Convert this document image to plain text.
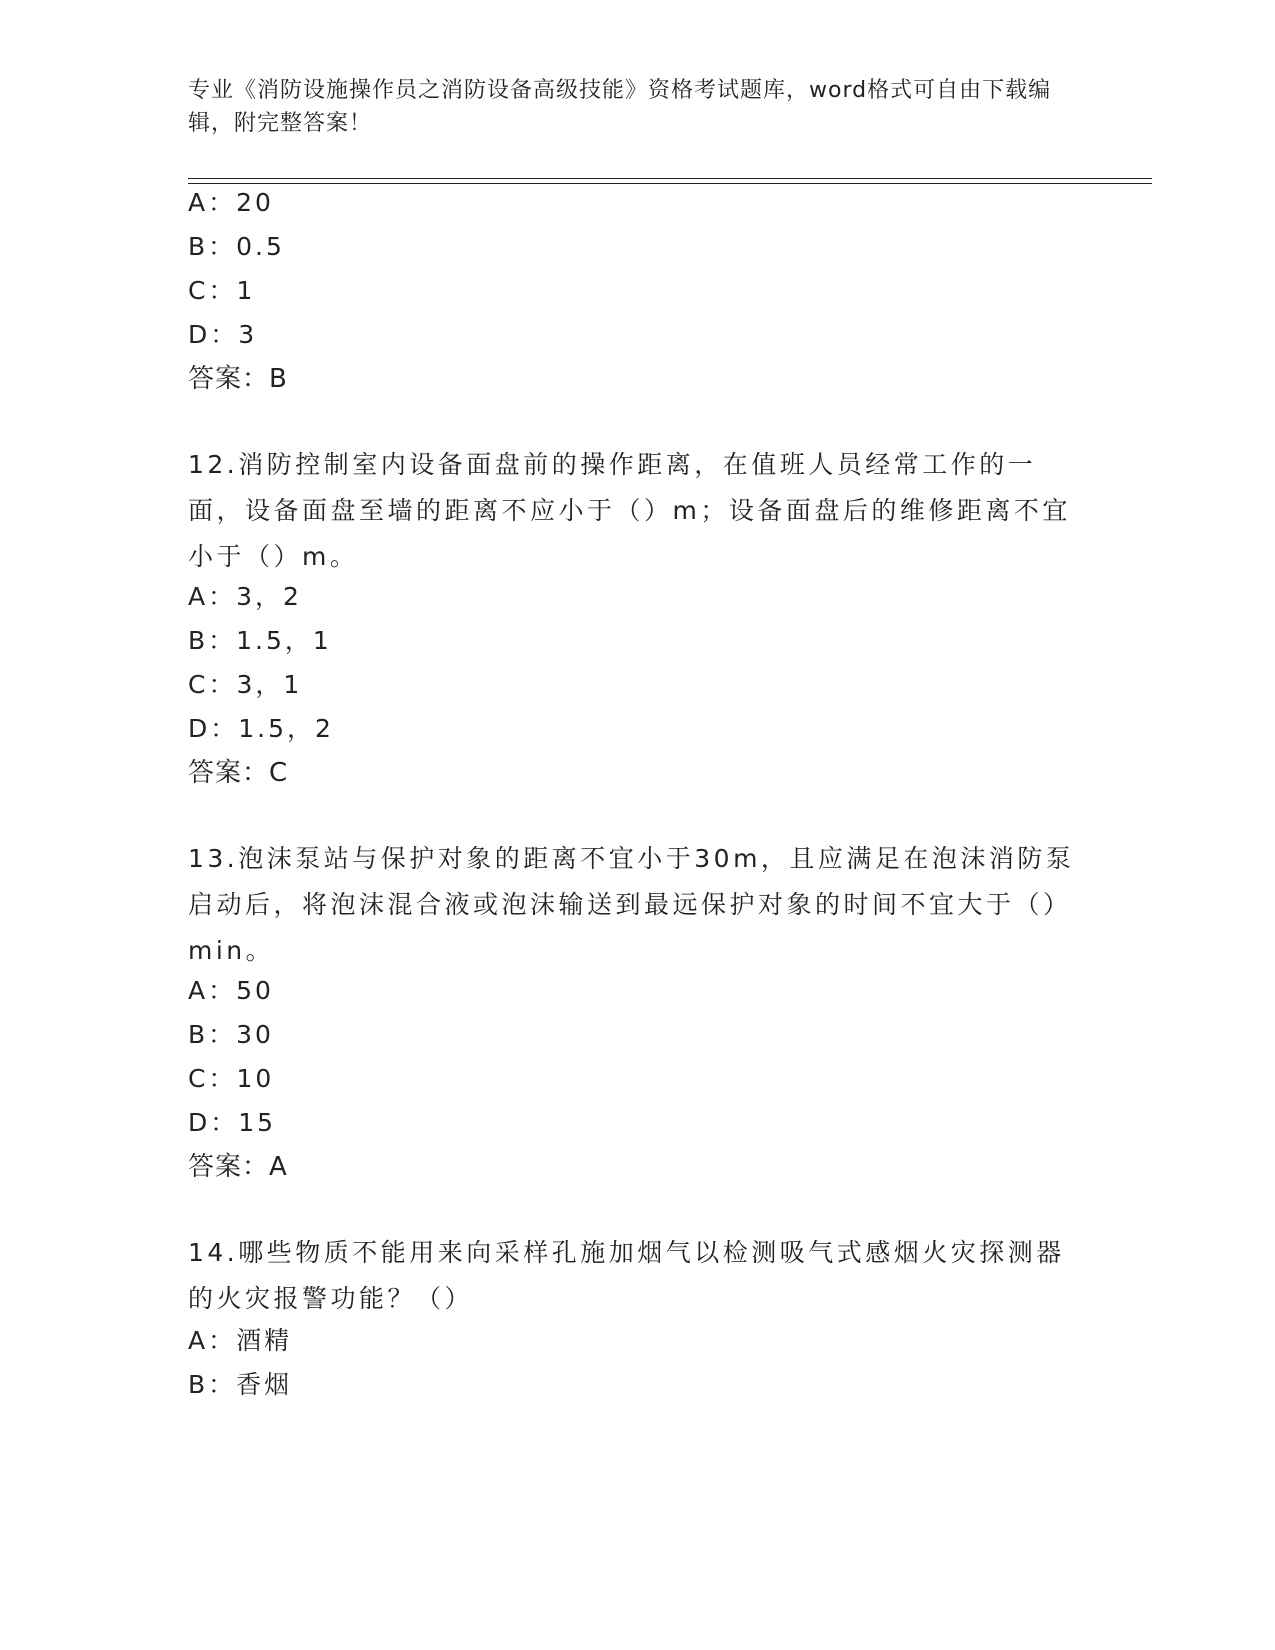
专业《消防设施操作员之消防设备高级技能》资格考试题库，word格式可自由下载编辑，附完整答案！
A：20
B：0.5
C：1
D：3
答案：B
12.消防控制室内设备面盘前的操作距离，在值班人员经常工作的一面，设备面盘至墙的距离不应小于（）m；设备面盘后的维修距离不宜小于（）m。
A：3，2
B：1.5，1
C：3，1
D：1.5，2
答案：C
13.泡沫泵站与保护对象的距离不宜小于30m，且应满足在泡沫消防泵启动后，将泡沫混合液或泡沫输送到最远保护对象的时间不宜大于（）min。
A：50
B：30
C：10
D：15
答案：A
14.哪些物质不能用来向采样孔施加烟气以检测吸气式感烟火灾探测器的火灾报警功能？（）
A：酒精
B：香烟
